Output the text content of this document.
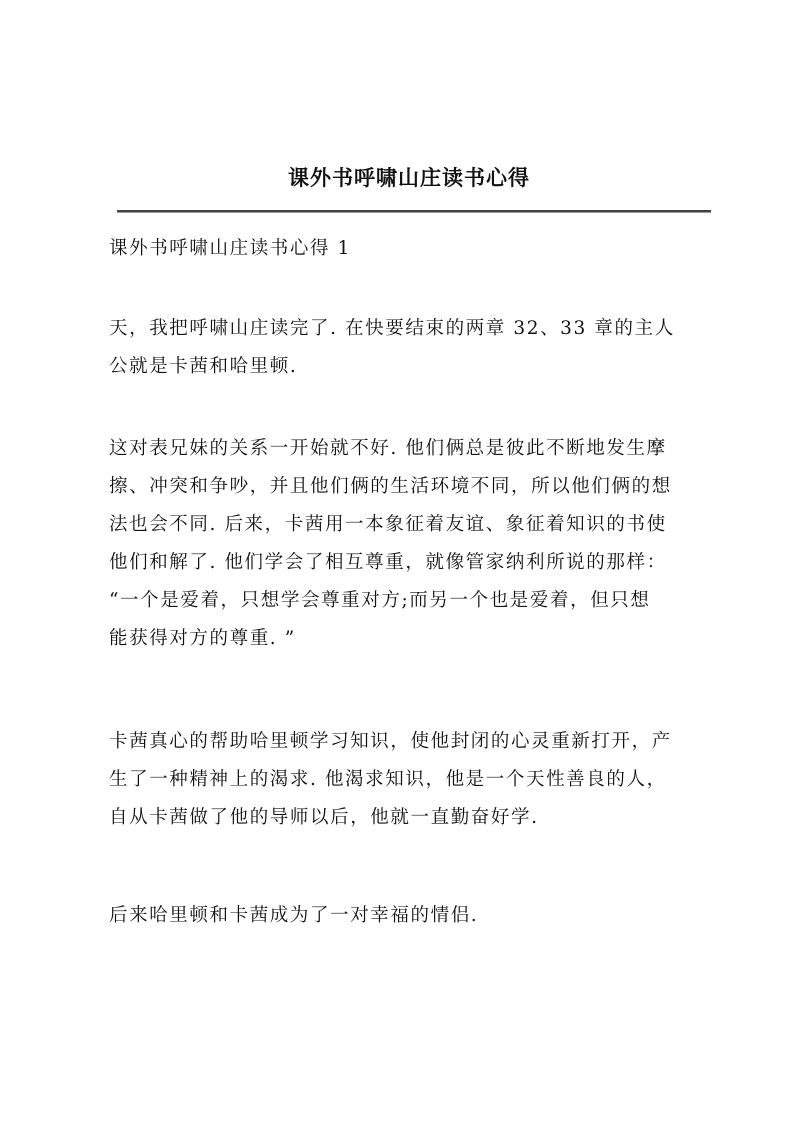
课外书呼啸山庄读书心得

课外书呼啸山庄读书心得 1

天，我把呼啸山庄读完了. 在快要结束的两章 32、33 章的主人
公就是卡茜和哈里顿.

这对表兄妹的关系一开始就不好. 他们俩总是彼此不断地发生摩
擦、冲突和争吵，并且他们俩的生活环境不同，所以他们俩的想
法也会不同. 后来，卡茜用一本象征着友谊、象征着知识的书使
他们和解了. 他们学会了相互尊重，就像管家纳利所说的那样：
“一个是爱着，只想学会尊重对方;而另一个也是爱着，但只想
能获得对方的尊重. ”

卡茜真心的帮助哈里顿学习知识，使他封闭的心灵重新打开，产
生了一种精神上的渴求. 他渴求知识，他是一个天性善良的人，
自从卡茜做了他的导师以后，他就一直勤奋好学.

后来哈里顿和卡茜成为了一对幸福的情侣.
